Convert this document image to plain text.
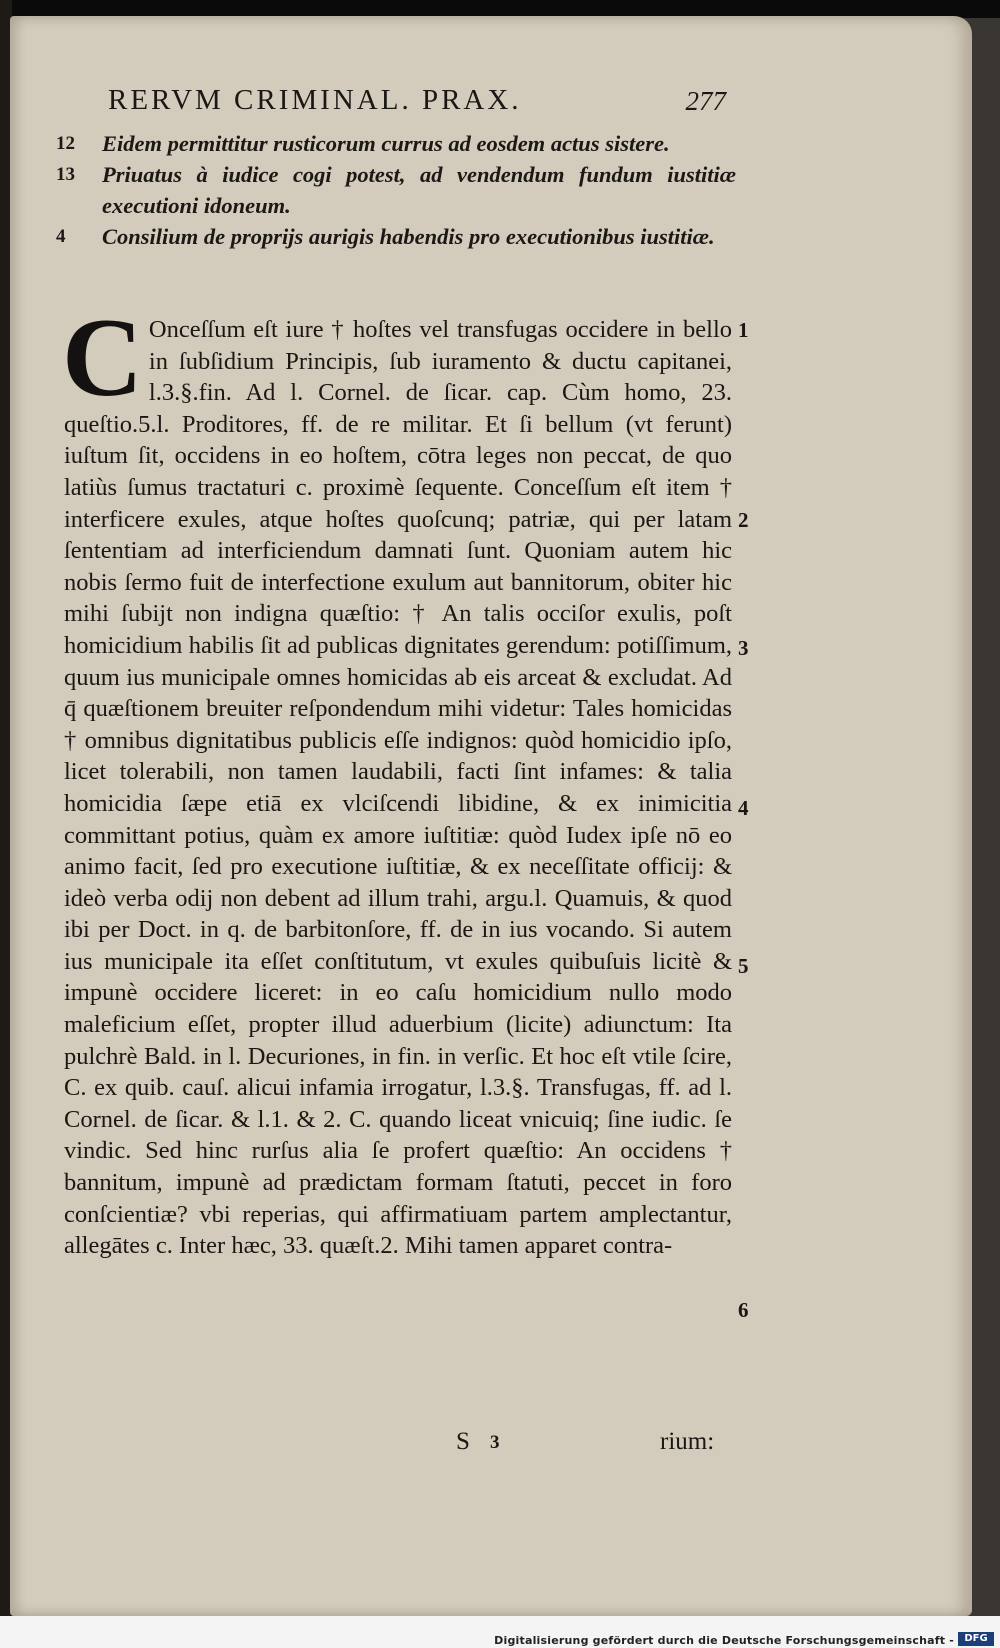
RERVM CRIMINAL. PRAX.	277
12 Eidem permittitur rusticorum currus ad eosdem actus sistere.
13 Priuatus à iudice cogi potest, ad vendendum fundum iustitiæ executioni idoneum.
4 Consilium de proprijs aurigis habendis pro executionibus iustitiæ.
C Onceſſum eſt iure † hoſtes vel transfugas occidere in bello in ſubſidium Principis, ſub iuramento & ductu capitanei, l.3.§.fin. Ad l. Cornel. de ſicar. cap. Cùm homo, 23. queſtio.5.l. Proditores, ff. de re militar. Et ſi bellum (vt ferunt) iuſtum ſit, occidens in eo hoſtem, cōtra leges non peccat, de quo latiùs ſumus tractaturi c. proximè ſequente. Conceſſum eſt item † interficere exules, atque hoſtes quoſcunq; patriæ, qui per latam ſententiam ad interficiendum damnati ſunt. Quoniam autem hic nobis ſermo fuit de interfectione exulum aut bannitorum, obiter hic mihi ſubijt non indigna quæſtio: † An talis occiſor exulis, poſt homicidium habilis ſit ad publicas dignitates gerendum: potiſſimum, quum ius municipale omnes homicidas ab eis arceat & excludat. Ad q̄ quæſtionem breuiter reſpondendum mihi videtur: Tales homicidas † omnibus dignitatibus publicis eſſe indignos: quòd homicidio ipſo, licet tolerabili, non tamen laudabili, facti ſint infames: & talia homicidia ſæpe etiā ex vlciſcendi libidine, & ex inimicitia committant potius, quàm ex amore iuſtitiæ: quòd Iudex ipſe nō eo animo facit, ſed pro executione iuſtitiæ, & ex neceſſitate officij: & ideò verba odij non debent ad illum trahi, argu.l. Quamuis, & quod ibi per Doct. in q. de barbitonſore, ff. de in ius vocando. Si autem ius municipale ita eſſet conſtitutum, vt exules quibuſuis licitè & impunè occidere liceret: in eo caſu homicidium nullo modo maleficium eſſet, propter illud aduerbium (licite) adiunctum: Ita pulchrè Bald. in l. Decuriones, in fin. in verſic. Et hoc eſt vtile ſcire, C. ex quib. cauſ. alicui infamia irrogatur, l.3.§. Transfugas, ff. ad l. Cornel. de ſicar. & l.1. & 2. C. quando liceat vnicuiq; ſine iudic. ſe vindic. Sed hinc rurſus alia ſe profert quæſtio: An occidens † bannitum, impunè ad prædictam formam ſtatuti, peccet in foro conſcientiæ? vbi reperias, qui affirmatiuam partem amplectantur, allegātes c. Inter hæc, 33. quæſt.2. Mihi tamen apparet contra-
1
2
3
4
5
6
S 3	rium:
Digitalisierung gefördert durch die Deutsche Forschungsgemeinschaft -	DFG
